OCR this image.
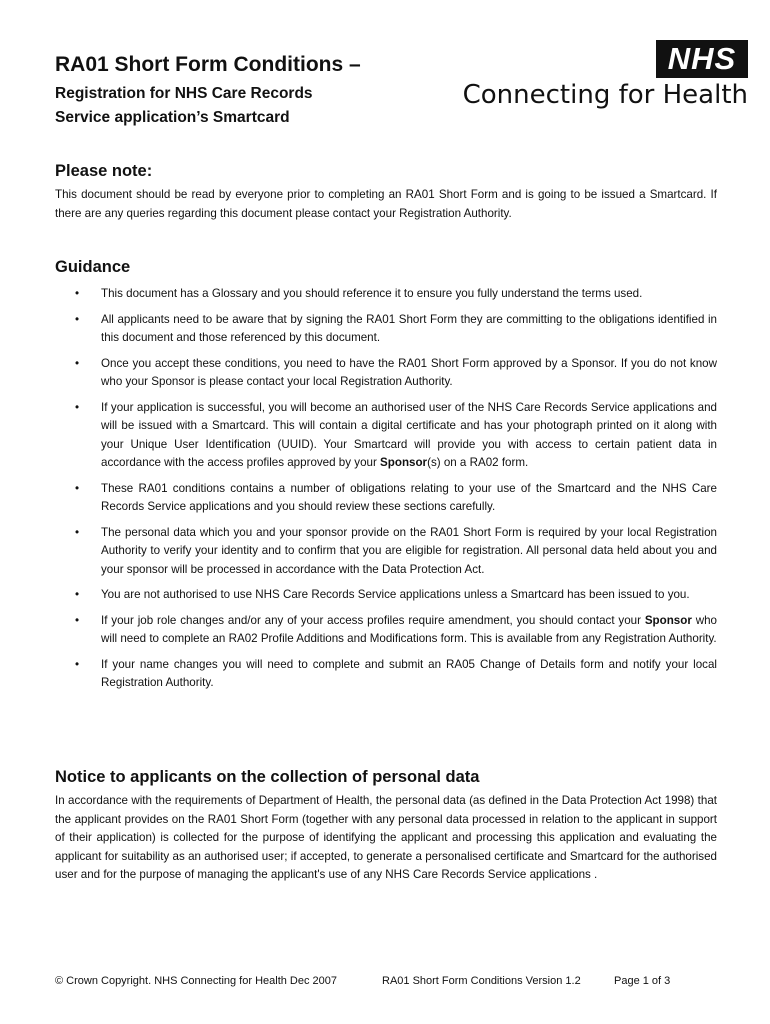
RA01 Short Form Conditions –
Registration for NHS Care Records
Service application’s Smartcard
NHS
Connecting for Health
Please note:

This document should be read by everyone prior to completing an RA01 Short Form and is going to be issued a Smartcard. If there are any queries regarding this document please contact your Registration Authority.

Guidance
• This document has a Glossary and you should reference it to ensure you fully understand the terms used.
• All applicants need to be aware that by signing the RA01 Short Form they are committing to the obligations identified in this document and those referenced by this document.
• Once you accept these conditions, you need to have the RA01 Short Form approved by a Sponsor. If you do not know who your Sponsor is please contact your local Registration Authority.
• If your application is successful, you will become an authorised user of the NHS Care Records Service applications and will be issued with a Smartcard. This will contain a digital certificate and has your photograph printed on it along with your Unique User Identification (UUID). Your Smartcard will provide you with access to certain patient data in accordance with the access profiles approved by your Sponsor(s) on a RA02 form.
• These RA01 conditions contains a number of obligations relating to your use of the Smartcard and the NHS Care Records Service applications and you should review these sections carefully.
• The personal data which you and your sponsor provide on the RA01 Short Form is required by your local Registration Authority to verify your identity and to confirm that you are eligible for registration. All personal data held about you and your sponsor will be processed in accordance with the Data Protection Act.
• You are not authorised to use NHS Care Records Service applications unless a Smartcard has been issued to you.
• If your job role changes and/or any of your access profiles require amendment, you should contact your Sponsor who will need to complete an RA02 Profile Additions and Modifications form. This is available from any Registration Authority.
• If your name changes you will need to complete and submit an RA05 Change of Details form and notify your local Registration Authority.
Notice to applicants on the collection of personal data

In accordance with the requirements of Department of Health, the personal data (as defined in the Data Protection Act 1998) that the applicant provides on the RA01 Short Form (together with any personal data processed in relation to the applicant in support of their application) is collected for the purpose of identifying the applicant and processing this application and evaluating the applicant for suitability as an authorised user; if accepted, to generate a personalised certificate and Smartcard for the authorised user and for the purpose of managing the applicant's use of any NHS Care Records Service applications .

© Crown Copyright. NHS Connecting for Health Dec 2007	RA01 Short Form Conditions Version 1.2	Page 1 of 3
